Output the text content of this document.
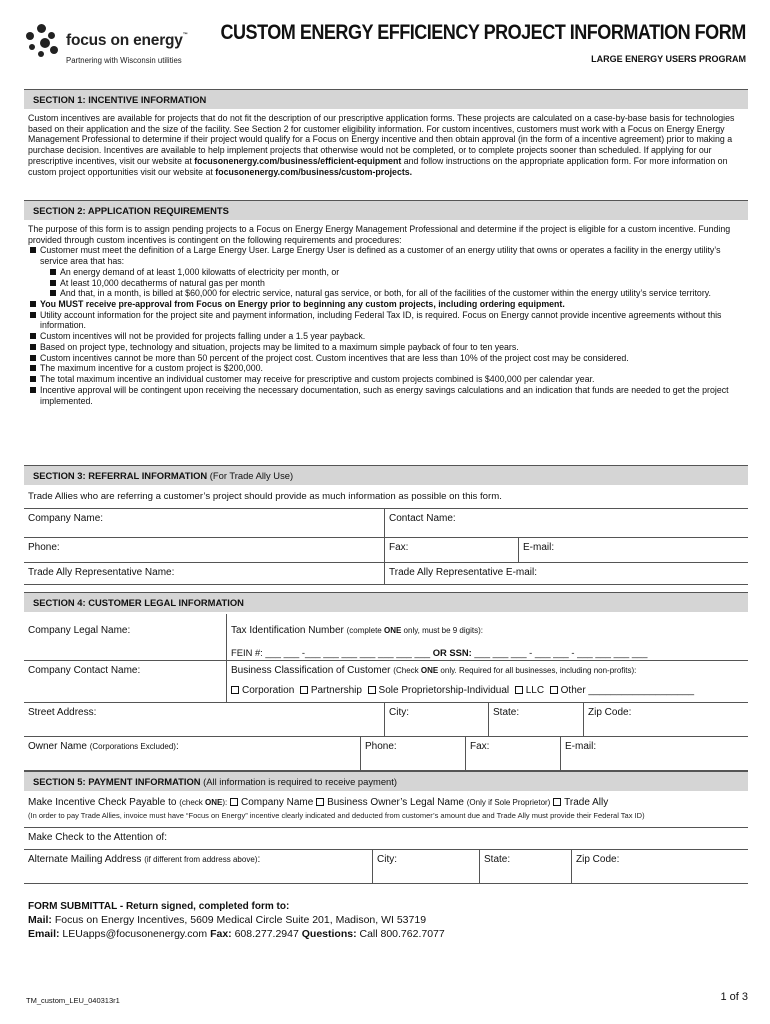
focus on energy™
Partnering with Wisconsin utilities
CUSTOM ENERGY EFFICIENCY PROJECT INFORMATION FORM
LARGE ENERGY USERS PROGRAM
SECTION 1: INCENTIVE INFORMATION
Custom incentives are available for projects that do not fit the description of our prescriptive application forms. These projects are calculated on a case-by-base basis for technologies based on their application and the size of the facility. See Section 2 for customer eligibility information. For custom incentives, customers must work with a Focus on Energy Energy Management Professional to determine if their project would qualify for a Focus on Energy incentive and then obtain approval (in the form of a incentive agreement) prior to making a purchase decision. Incentives are available to help implement projects that otherwise would not be completed, or to complete projects sooner than scheduled. If applying for our prescriptive incentives, visit our website at focusonenergy.com/business/efficient-equipment and follow instructions on the appropriate application form. For more information on custom project opportunities visit our website at focusonenergy.com/business/custom-projects.
SECTION 2: APPLICATION REQUIREMENTS
The purpose of this form is to assign pending projects to a Focus on Energy Energy Management Professional and determine if the project is eligible for a custom incentive. Funding provided through custom incentives is contingent on the following requirements and procedures:
Customer must meet the definition of a Large Energy User. Large Energy User is defined as a customer of an energy utility that owns or operates a facility in the energy utility’s service area that has:
An energy demand of at least 1,000 kilowatts of electricity per month, or
At least 10,000 decatherms of natural gas per month
And that, in a month, is billed at $60,000 for electric service, natural gas service, or both, for all of the facilities of the customer within the energy utility’s service territory.
You MUST receive pre-approval from Focus on Energy prior to beginning any custom projects, including ordering equipment.
Utility account information for the project site and payment information, including Federal Tax ID, is required. Focus on Energy cannot provide incentive agreements without this information.
Custom incentives will not be provided for projects falling under a 1.5 year payback.
Based on project type, technology and situation, projects may be limited to a maximum simple payback of four to ten years.
Custom incentives cannot be more than 50 percent of the project cost. Custom incentives that are less than 10% of the project cost may be considered.
The maximum incentive for a custom project is $200,000.
The total maximum incentive an individual customer may receive for prescriptive and custom projects combined is $400,000 per calendar year.
Incentive approval will be contingent upon receiving the necessary documentation, such as energy savings calculations and an indication that funds are needed to get the project implemented.
SECTION 3: REFERRAL INFORMATION (For Trade Ally Use)
Trade Allies who are referring a customer’s project should provide as much information as possible on this form.
Company Name:	Contact Name:
Phone:	Fax:	E-mail:
Trade Ally Representative Name:	Trade Ally Representative E-mail:
SECTION 4: CUSTOMER LEGAL INFORMATION
Company Legal Name:	Tax Identification Number (complete ONE only, must be 9 digits):
FEIN #: ___ ___ -___ ___ ___ ___ ___ ___ ___ OR SSN: ___ ___ ___ - ___ ___ - ___ ___ ___ ___
Company Contact Name:	Business Classification of Customer (Check ONE only. Required for all businesses, including non-profits):
Corporation Partnership Sole Proprietorship-Individual LLC Other ___________________
Street Address:	City:	State:	Zip Code:
Owner Name (Corporations Excluded):	Phone:	Fax:	E-mail:
SECTION 5: PAYMENT INFORMATION (All information is required to receive payment)
Make Incentive Check Payable to (check ONE): Company Name Business Owner’s Legal Name (Only if Sole Proprietor) Trade Ally
(In order to pay Trade Allies, invoice must have “Focus on Energy” incentive clearly indicated and deducted from customer’s amount due and Trade Ally must provide their Federal Tax ID)
Make Check to the Attention of:
Alternate Mailing Address (if different from address above):	City:	State:	Zip Code:
FORM SUBMITTAL - Return signed, completed form to:
Mail: Focus on Energy Incentives, 5609 Medical Circle Suite 201, Madison, WI 53719
Email: LEUapps@focusonenergy.com Fax: 608.277.2947 Questions: Call 800.762.7077
TM_custom_LEU_040313r1	1 of 3
